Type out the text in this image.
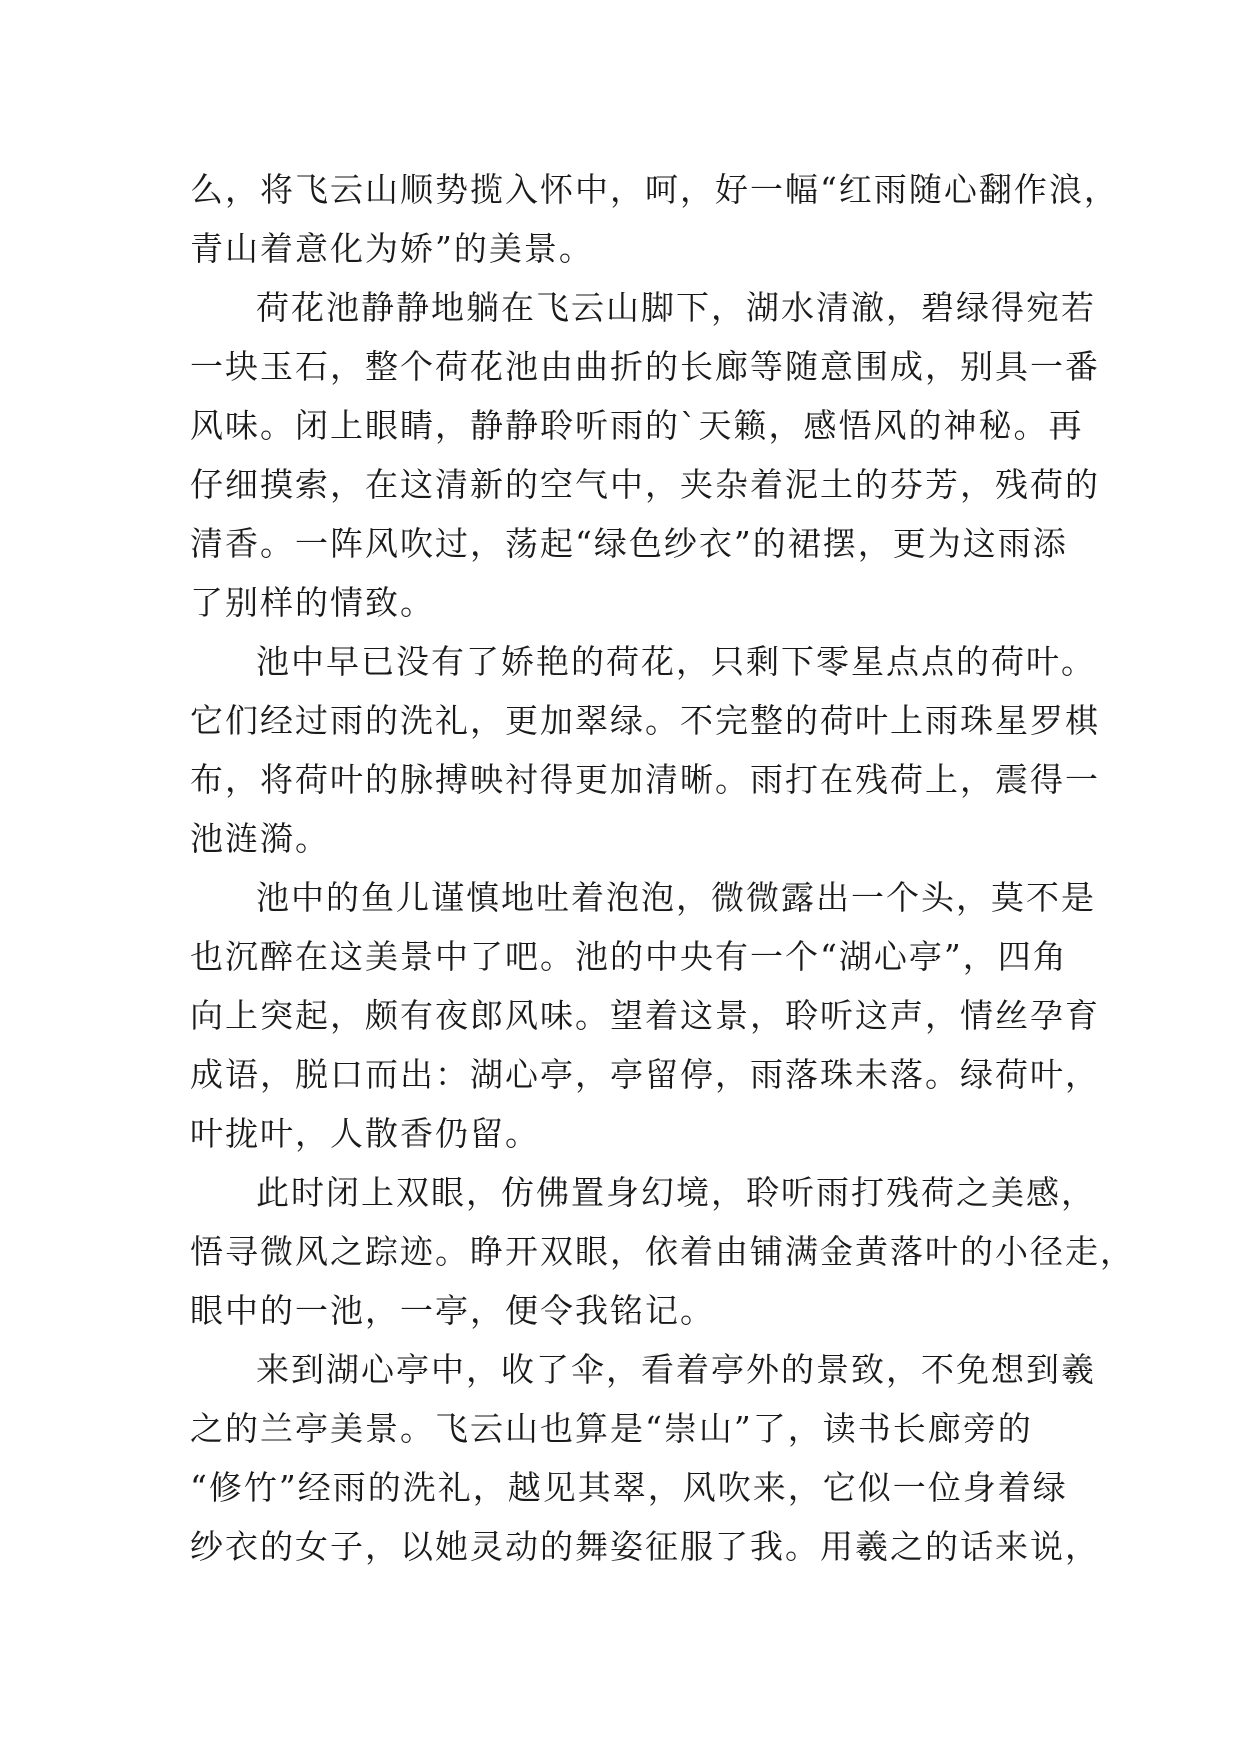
么，将飞云山顺势揽入怀中，呵，好一幅“红雨随心翻作浪，
青山着意化为娇”的美景。
荷花池静静地躺在飞云山脚下，湖水清澈，碧绿得宛若
一块玉石，整个荷花池由曲折的长廊等随意围成，别具一番
风味。闭上眼睛，静静聆听雨的`天籁，感悟风的神秘。再
仔细摸索，在这清新的空气中，夹杂着泥土的芬芳，残荷的
清香。一阵风吹过，荡起“绿色纱衣”的裙摆，更为这雨添
了别样的情致。
池中早已没有了娇艳的荷花，只剩下零星点点的荷叶。
它们经过雨的洗礼，更加翠绿。不完整的荷叶上雨珠星罗棋
布，将荷叶的脉搏映衬得更加清晰。雨打在残荷上，震得一
池涟漪。
池中的鱼儿谨慎地吐着泡泡，微微露出一个头，莫不是
也沉醉在这美景中了吧。池的中央有一个“湖心亭”，四角
向上突起，颇有夜郎风味。望着这景，聆听这声，情丝孕育
成语，脱口而出：湖心亭，亭留停，雨落珠未落。绿荷叶，
叶拢叶，人散香仍留。
此时闭上双眼，仿佛置身幻境，聆听雨打残荷之美感，
悟寻微风之踪迹。睁开双眼，依着由铺满金黄落叶的小径走，
眼中的一池，一亭，便令我铭记。
来到湖心亭中，收了伞，看着亭外的景致，不免想到羲
之的兰亭美景。飞云山也算是“崇山”了，读书长廊旁的
“修竹”经雨的洗礼，越见其翠，风吹来，它似一位身着绿
纱衣的女子，以她灵动的舞姿征服了我。用羲之的话来说，
